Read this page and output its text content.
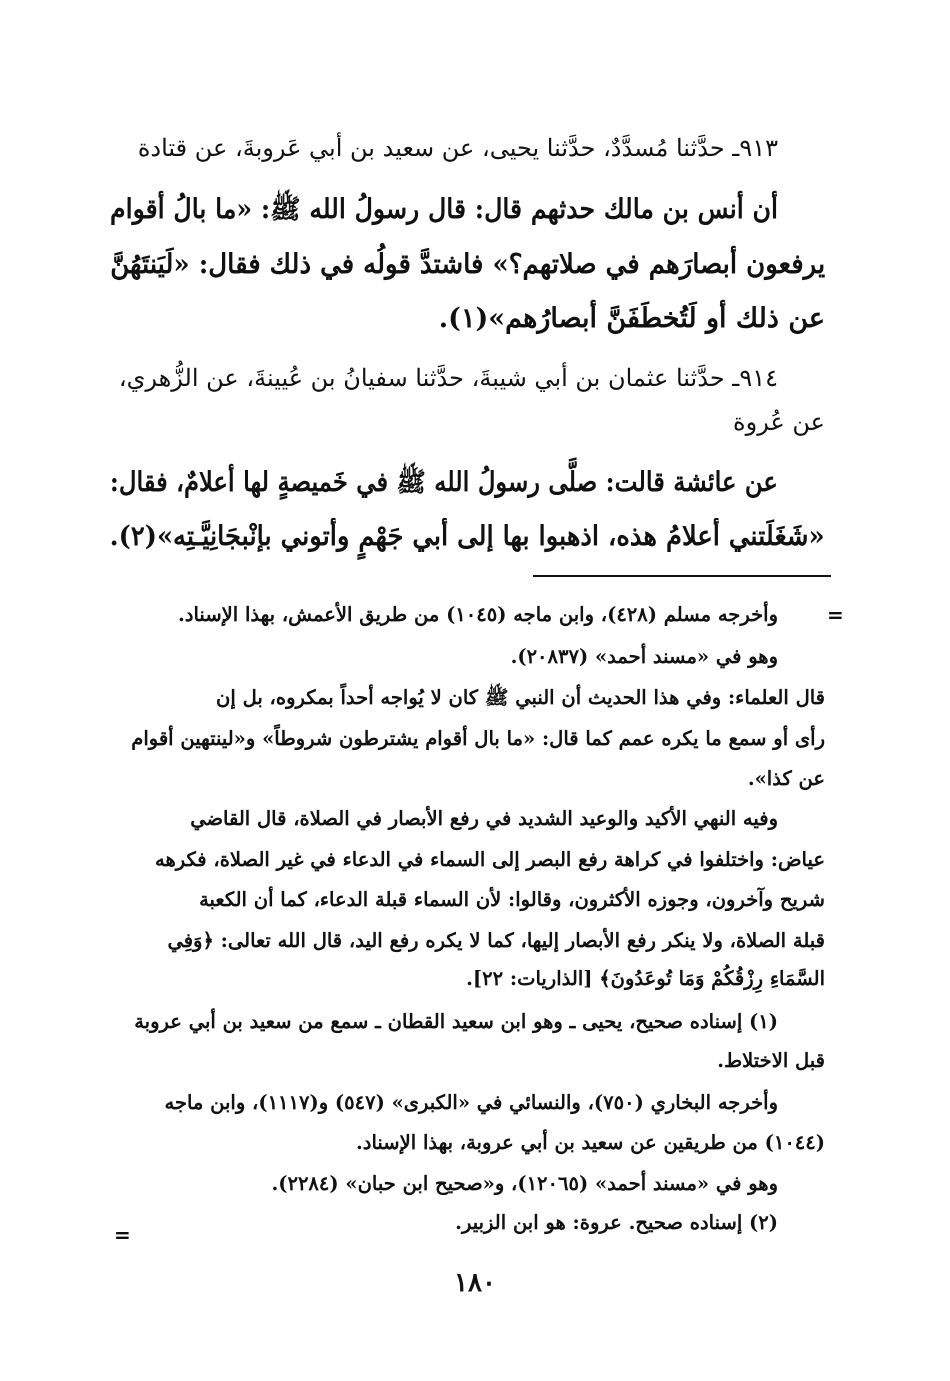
٩١٣ـ حدَّثنا مُسدَّدٌ، حدَّثنا يحيى، عن سعيد بن أبي عَروبةَ، عن قتادة
أن أنس بن مالك حدثهم قال: قال رسولُ الله ﷺ: «ما بالُ أقوام
يرفعون أبصارَهم في صلاتهم؟» فاشتدَّ قولُه في ذلك فقال: «لَيَنتَهُنَّ
عن ذلك أو لَتُخطَفَنَّ أبصارُهم»(١).
٩١٤ـ حدَّثنا عثمان بن أبي شيبةَ، حدَّثنا سفيانُ بن عُيينةَ، عن الزُّهري،
عن عُروة
عن عائشة قالت: صلَّى رسولُ الله ﷺ في خَميصةٍ لها أعلامٌ، فقال:
«شَغَلَتني أعلامُ هذه، اذهبوا بها إلى أبي جَهْمٍ وأتوني بإنْبجَانِيَّـتِه»(٢).
=
وأخرجه مسلم (٤٢٨)، وابن ماجه (١٠٤٥) من طريق الأعمش، بهذا الإسناد.
وهو في «مسند أحمد» (٢٠٨٣٧).
قال العلماء: وفي هذا الحديث أن النبي ﷺ كان لا يُواجه أحداً بمكروه، بل إن
رأى أو سمع ما يكره عمم كما قال: «ما بال أقوام يشترطون شروطاً» و«لينتهين أقوام
عن كذا».
وفيه النهي الأكيد والوعيد الشديد في رفع الأبصار في الصلاة، قال القاضي
عياض: واختلفوا في كراهة رفع البصر إلى السماء في الدعاء في غير الصلاة، فكرهه
شريح وآخرون، وجوزه الأكثرون، وقالوا: لأن السماء قبلة الدعاء، كما أن الكعبة
قبلة الصلاة، ولا ينكر رفع الأبصار إليها، كما لا يكره رفع اليد، قال الله تعالى: ﴿وَفِي
السَّمَاءِ رِزْقُكُمْ وَمَا تُوعَدُونَ﴾ [الذاريات: ٢٢].
(١) إسناده صحيح، يحيى ـ وهو ابن سعيد القطان ـ سمع من سعيد بن أبي عروبة
قبل الاختلاط.
وأخرجه البخاري (٧٥٠)، والنسائي في «الكبرى» (٥٤٧) و(١١١٧)، وابن ماجه
(١٠٤٤) من طريقين عن سعيد بن أبي عروبة، بهذا الإسناد.
وهو في «مسند أحمد» (١٢٠٦٥)، و«صحيح ابن حبان» (٢٢٨٤).
(٢) إسناده صحيح. عروة: هو ابن الزبير.
=
١٨٠
